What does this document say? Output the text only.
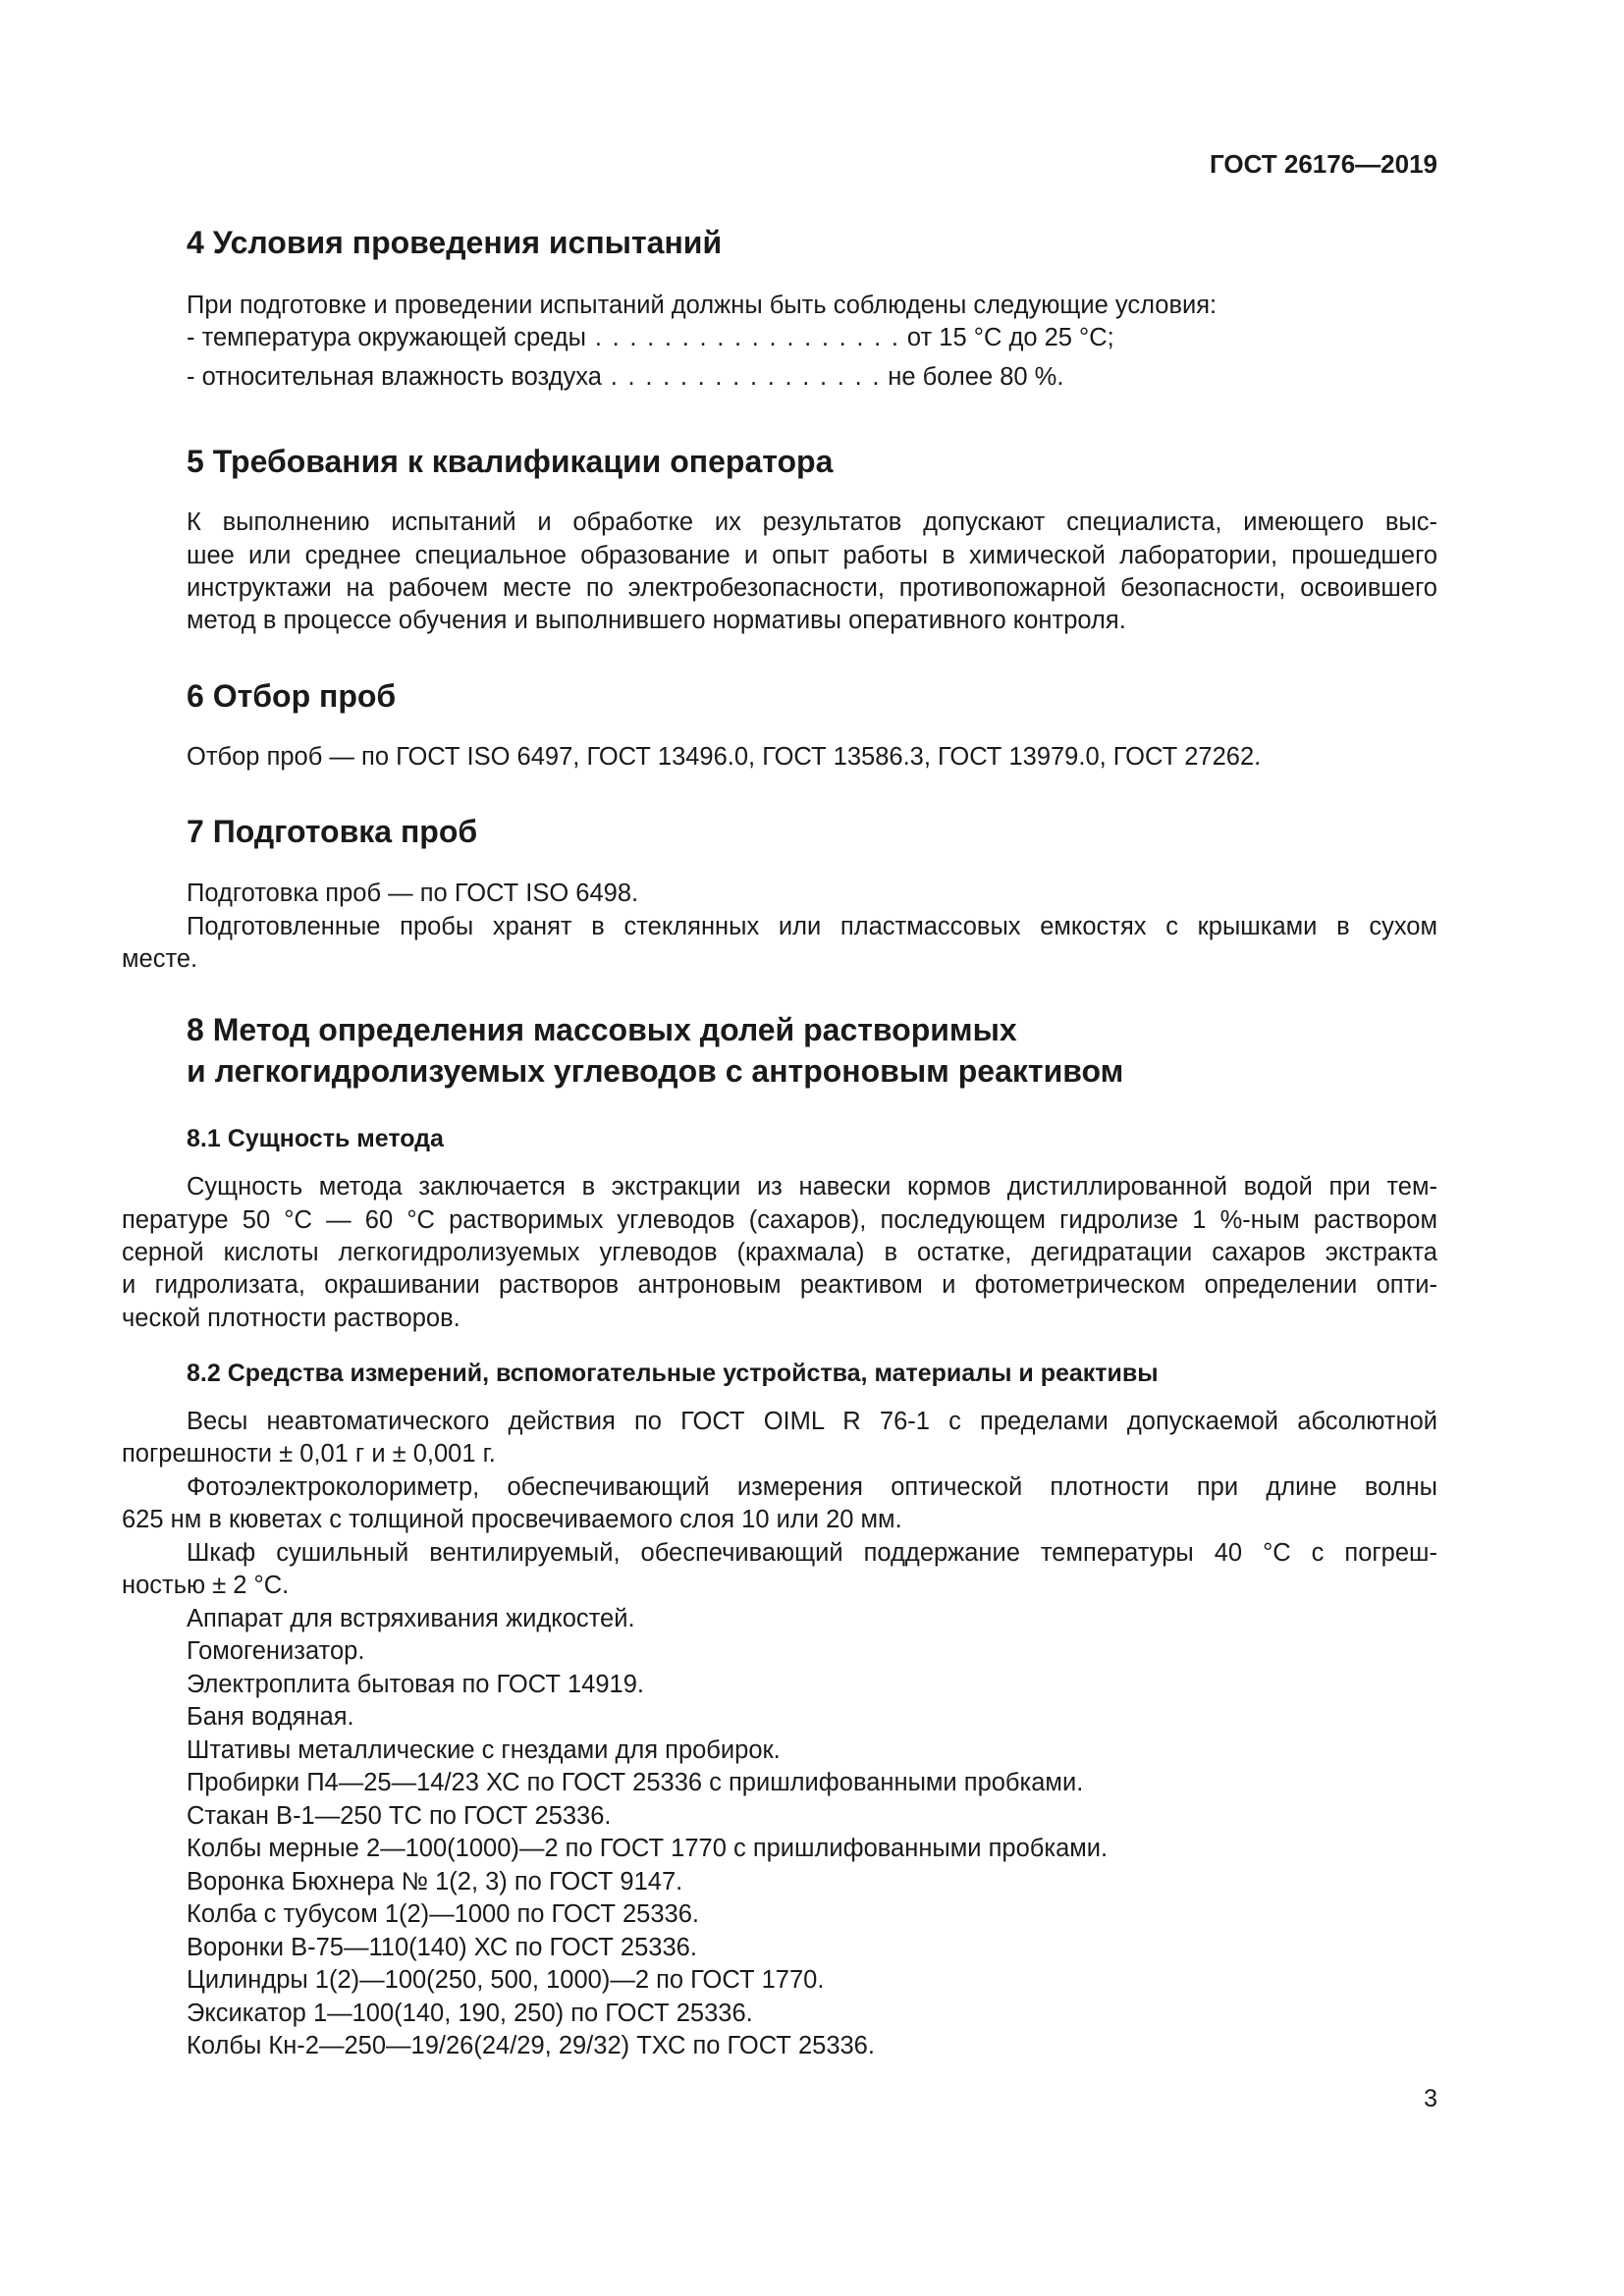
ГОСТ 26176—2019
4 Условия проведения испытаний

При подготовке и проведении испытаний должны быть соблюдены следующие условия:

- температура окружающей среды . . . . . . . . . . . . . . . . . . от 15 °С до 25 °С;

- относительная влажность воздуха . . . . . . . . . . . . . . . . не более 80 %.

5 Требования к квалификации оператора

К выполнению испытаний и обработке их результатов допускают специалиста, имеющего выс-

шее или среднее специальное образование и опыт работы в химической лаборатории, прошедшего

инструктажи на рабочем месте по электробезопасности, противопожарной безопасности, освоившего

метод в процессе обучения и выполнившего нормативы оперативного контроля.

6 Отбор проб

Отбор проб — по ГОСТ ISO 6497, ГОСТ 13496.0, ГОСТ 13586.3, ГОСТ 13979.0, ГОСТ 27262.

7 Подготовка проб

Подготовка проб — по ГОСТ ISO 6498.

Подготовленные пробы хранят в стеклянных или пластмассовых емкостях с крышками в сухом

месте.

8 Метод определения массовых долей растворимых
и легкогидролизуемых углеводов с антроновым реактивом
8.1 Сущность метода

Сущность метода заключается в экстракции из навески кормов дистиллированной водой при тем-

пературе 50 °С — 60 °С растворимых углеводов (сахаров), последующем гидролизе 1 %-ным раствором

серной кислоты легкогидролизуемых углеводов (крахмала) в остатке, дегидратации сахаров экстракта

и гидролизата, окрашивании растворов антроновым реактивом и фотометрическом определении опти-

ческой плотности растворов.

8.2 Средства измерений, вспомогательные устройства, материалы и реактивы

Весы неавтоматического действия по ГОСТ OIML R 76-1 с пределами допускаемой абсолютной

погрешности ± 0,01 г и ± 0,001 г.

Фотоэлектроколориметр, обеспечивающий измерения оптической плотности при длине волны

625 нм в кюветах с толщиной просвечиваемого слоя 10 или 20 мм.

Шкаф сушильный вентилируемый, обеспечивающий поддержание температуры 40 °С с погреш-

ностью ± 2 °С.

Аппарат для встряхивания жидкостей.

Гомогенизатор.

Электроплита бытовая по ГОСТ 14919.

Баня водяная.

Штативы металлические с гнездами для пробирок.

Пробирки П4—25—14/23 ХС по ГОСТ 25336 с пришлифованными пробками.

Стакан В-1—250 ТС по ГОСТ 25336.

Колбы мерные 2—100(1000)—2 по ГОСТ 1770 с пришлифованными пробками.

Воронка Бюхнера № 1(2, 3) по ГОСТ 9147.

Колба с тубусом 1(2)—1000 по ГОСТ 25336.

Воронки В-75—110(140) ХС по ГОСТ 25336.

Цилиндры 1(2)—100(250, 500, 1000)—2 по ГОСТ 1770.

Эксикатор 1—100(140, 190, 250) по ГОСТ 25336.

Колбы Кн-2—250—19/26(24/29, 29/32) ТХС по ГОСТ 25336.

3
